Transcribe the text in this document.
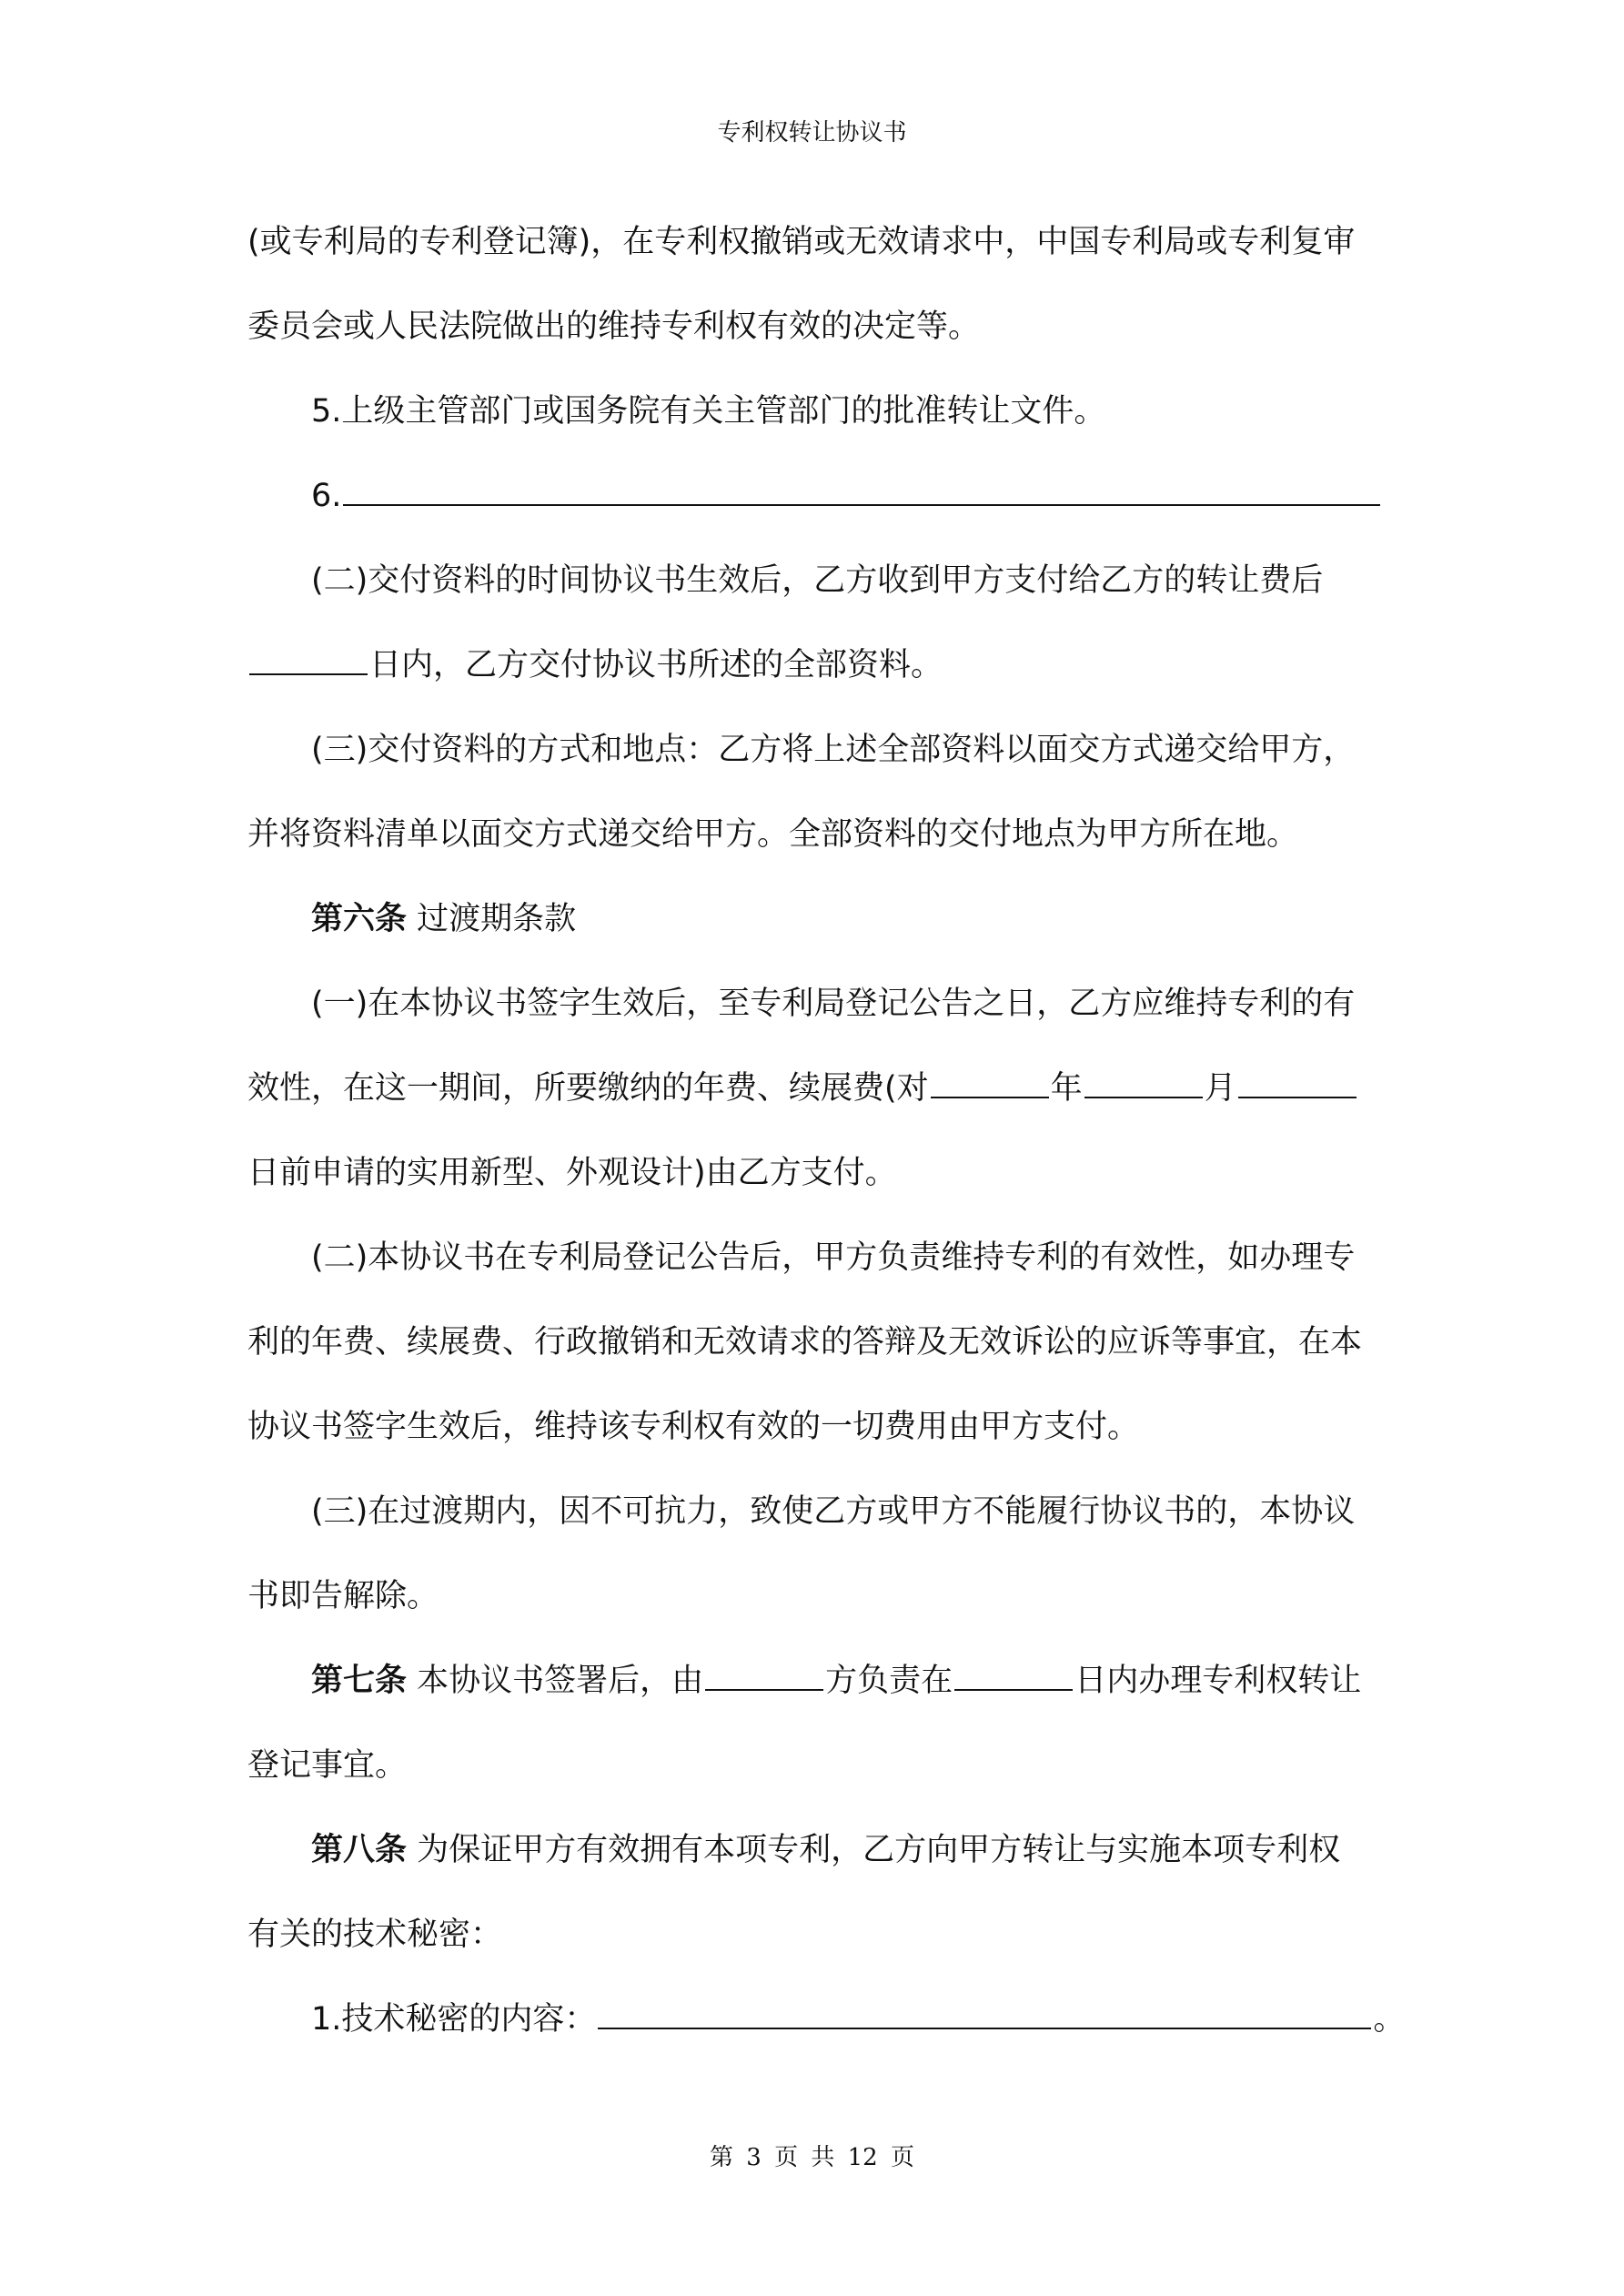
专利权转让协议书
(或专利局的专利登记簿)，在专利权撤销或无效请求中，中国专利局或专利复审
委员会或人民法院做出的维持专利权有效的决定等。
5.上级主管部门或国务院有关主管部门的批准转让文件。
6.
(二)交付资料的时间协议书生效后，乙方收到甲方支付给乙方的转让费后
日内，乙方交付协议书所述的全部资料。
(三)交付资料的方式和地点：乙方将上述全部资料以面交方式递交给甲方，
并将资料清单以面交方式递交给甲方。全部资料的交付地点为甲方所在地。
第六条 过渡期条款
(一)在本协议书签字生效后，至专利局登记公告之日，乙方应维持专利的有
效性，在这一期间，所要缴纳的年费、续展费(对	年	月
日前申请的实用新型、外观设计)由乙方支付。
(二)本协议书在专利局登记公告后，甲方负责维持专利的有效性，如办理专
利的年费、续展费、行政撤销和无效请求的答辩及无效诉讼的应诉等事宜，在本
协议书签字生效后，维持该专利权有效的一切费用由甲方支付。
(三)在过渡期内，因不可抗力，致使乙方或甲方不能履行协议书的，本协议
书即告解除。
第七条 本协议书签署后，由	方负责在	日内办理专利权转让
登记事宜。
第八条 为保证甲方有效拥有本项专利，乙方向甲方转让与实施本项专利权
有关的技术秘密：
1.技术秘密的内容：	。
第 3 页 共 12 页
